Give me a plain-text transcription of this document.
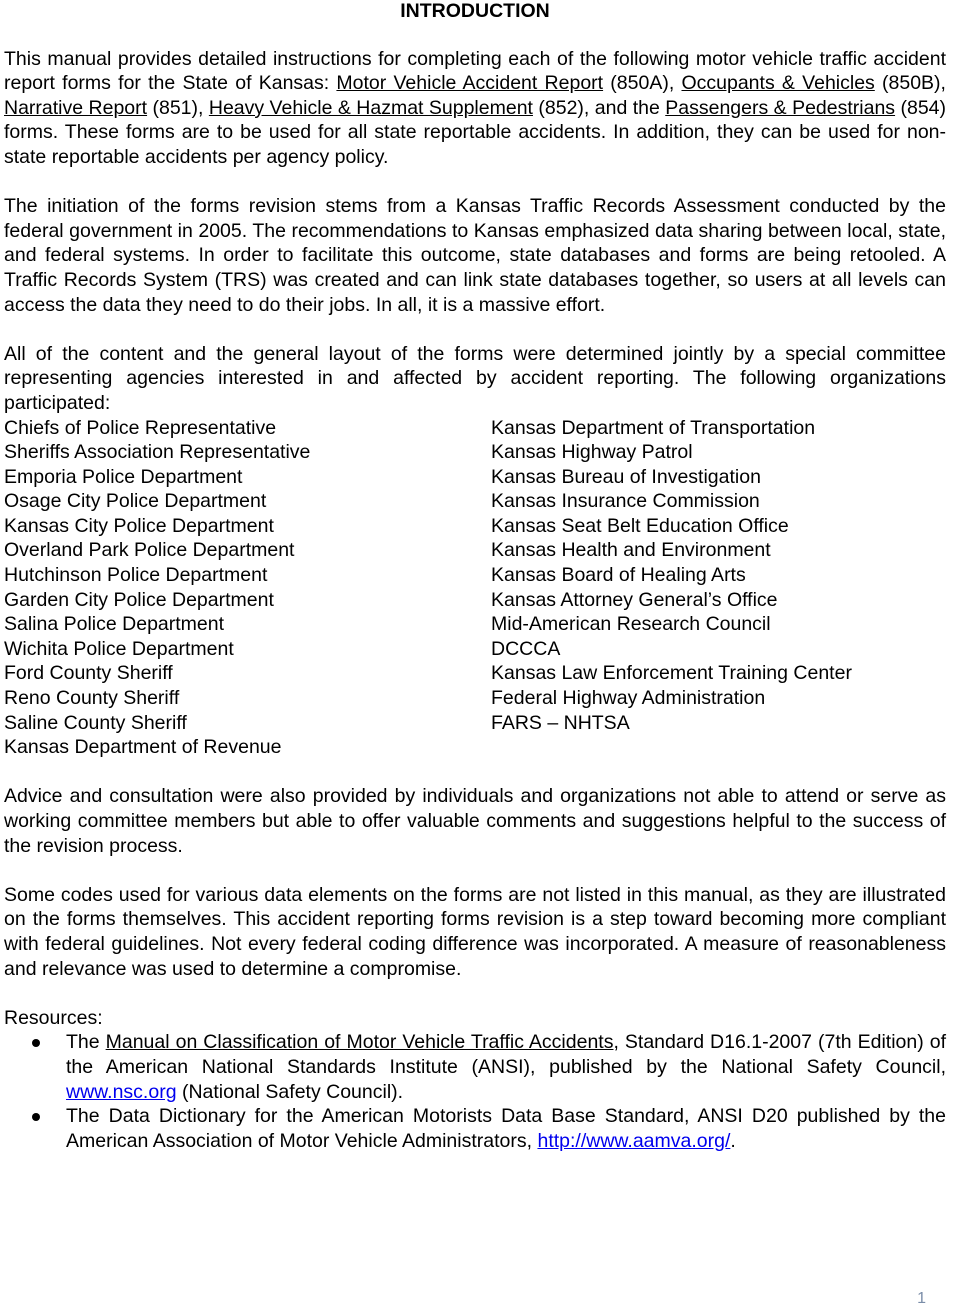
INTRODUCTION

This manual provides detailed instructions for completing each of the following motor vehicle traffic accident report forms for the State of Kansas: Motor Vehicle Accident Report (850A), Occupants & Vehicles (850B), Narrative Report (851), Heavy Vehicle & Hazmat Supplement (852), and the Passengers & Pedestrians (854) forms. These forms are to be used for all state reportable accidents. In addition, they can be used for non-state reportable accidents per agency policy.

The initiation of the forms revision stems from a Kansas Traffic Records Assessment conducted by the federal government in 2005. The recommendations to Kansas emphasized data sharing between local, state, and federal systems. In order to facilitate this outcome, state databases and forms are being retooled. A Traffic Records System (TRS) was created and can link state databases together, so users at all levels can access the data they need to do their jobs. In all, it is a massive effort.

All of the content and the general layout of the forms were determined jointly by a special committee representing agencies interested in and affected by accident reporting. The following organizations participated:

Chiefs of Police Representative
Sheriffs Association Representative
Emporia Police Department
Osage City Police Department
Kansas City Police Department
Overland Park Police Department
Hutchinson Police Department
Garden City Police Department
Salina Police Department
Wichita Police Department
Ford County Sheriff
Reno County Sheriff
Saline County Sheriff
Kansas Department of Revenue
Kansas Department of Transportation
Kansas Highway Patrol
Kansas Bureau of Investigation
Kansas Insurance Commission
Kansas Seat Belt Education Office
Kansas Health and Environment
Kansas Board of Healing Arts
Kansas Attorney General’s Office
Mid-American Research Council
DCCCA
Kansas Law Enforcement Training Center
Federal Highway Administration
FARS – NHTSA

Advice and consultation were also provided by individuals and organizations not able to attend or serve as working committee members but able to offer valuable comments and suggestions helpful to the success of the revision process.

Some codes used for various data elements on the forms are not listed in this manual, as they are illustrated on the forms themselves. This accident reporting forms revision is a step toward becoming more compliant with federal guidelines. Not every federal coding difference was incorporated. A measure of reasonableness and relevance was used to determine a compromise.

Resources:

The Manual on Classification of Motor Vehicle Traffic Accidents, Standard D16.1-2007 (7th Edition) of the American National Standards Institute (ANSI), published by the National Safety Council, www.nsc.org (National Safety Council).
The Data Dictionary for the American Motorists Data Base Standard, ANSI D20 published by the American Association of Motor Vehicle Administrators, http://www.aamva.org/.
1
